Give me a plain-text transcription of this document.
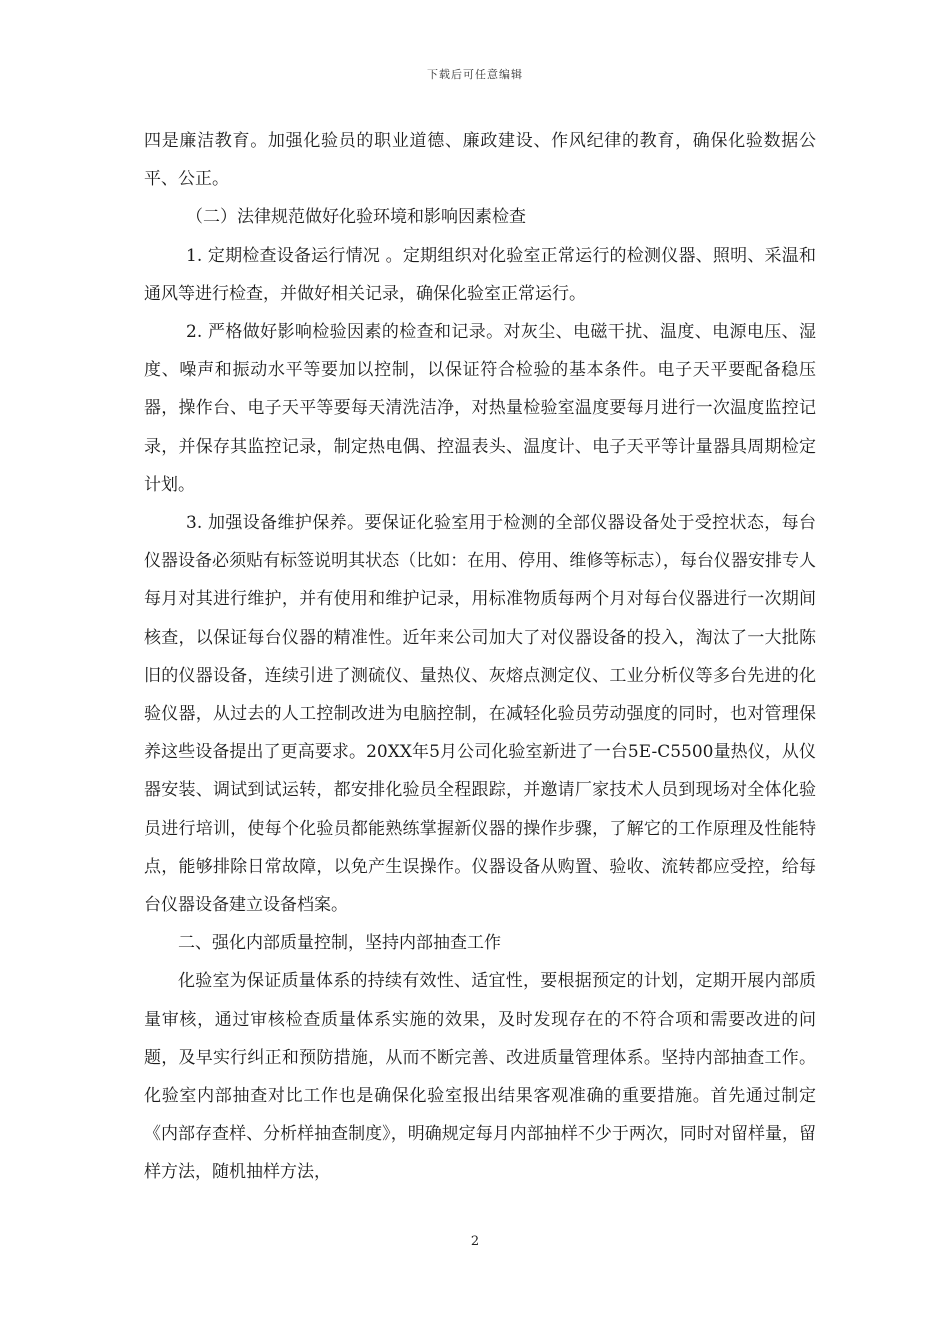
下载后可任意编辑

四是廉洁教育。加强化验员的职业道德、廉政建设、作风纪律的教育，确保化验数据公平、公正。

（二）法律规范做好化验环境和影响因素检查

1. 定期检查设备运行情况 。定期组织对化验室正常运行的检测仪器、照明、采温和通风等进行检查，并做好相关记录，确保化验室正常运行。

2. 严格做好影响检验因素的检查和记录。对灰尘、电磁干扰、温度、电源电压、湿度、噪声和振动水平等要加以控制，以保证符合检验的基本条件。电子天平要配备稳压器，操作台、电子天平等要每天清洗洁净，对热量检验室温度要每月进行一次温度监控记录，并保存其监控记录，制定热电偶、控温表头、温度计、电子天平等计量器具周期检定计划。

3. 加强设备维护保养。要保证化验室用于检测的全部仪器设备处于受控状态，每台仪器设备必须贴有标签说明其状态（比如：在用、停用、维修等标志），每台仪器安排专人每月对其进行维护，并有使用和维护记录，用标准物质每两个月对每台仪器进行一次期间核查，以保证每台仪器的精准性。近年来公司加大了对仪器设备的投入，淘汰了一大批陈旧的仪器设备，连续引进了测硫仪、量热仪、灰熔点测定仪、工业分析仪等多台先进的化验仪器，从过去的人工控制改进为电脑控制，在减轻化验员劳动强度的同时，也对管理保养这些设备提出了更高要求。20XX年5月公司化验室新进了一台5E-C5500量热仪，从仪器安装、调试到试运转，都安排化验员全程跟踪，并邀请厂家技术人员到现场对全体化验员进行培训，使每个化验员都能熟练掌握新仪器的操作步骤，了解它的工作原理及性能特点，能够排除日常故障，以免产生误操作。仪器设备从购置、验收、流转都应受控，给每台仪器设备建立设备档案。

二、强化内部质量控制，坚持内部抽查工作

化验室为保证质量体系的持续有效性、适宜性，要根据预定的计划，定期开展内部质量审核，通过审核检查质量体系实施的效果，及时发现存在的不符合项和需要改进的问题，及早实行纠正和预防措施，从而不断完善、改进质量管理体系。坚持内部抽查工作。化验室内部抽查对比工作也是确保化验室报出结果客观准确的重要措施。首先通过制定《内部存查样、分析样抽查制度》，明确规定每月内部抽样不少于两次，同时对留样量，留样方法，随机抽样方法，

2
